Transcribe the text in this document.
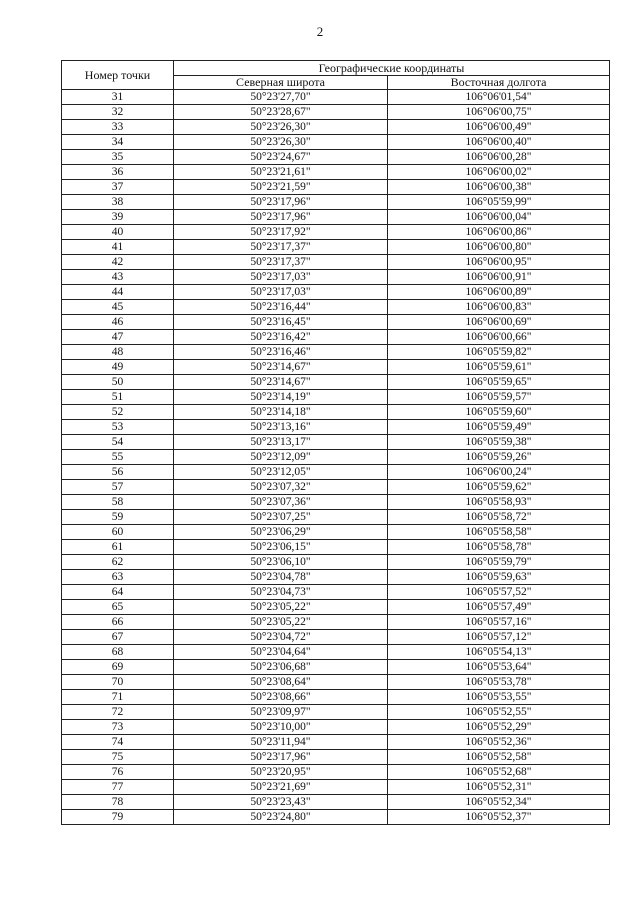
2
Номер точки	Географические координаты	
	Северная широта	Восточная долгота
31	50°23'27,70"	106°06'01,54"
32	50°23'28,67"	106°06'00,75"
33	50°23'26,30"	106°06'00,49"
34	50°23'26,30"	106°06'00,40"
35	50°23'24,67"	106°06'00,28"
36	50°23'21,61"	106°06'00,02"
37	50°23'21,59"	106°06'00,38"
38	50°23'17,96"	106°05'59,99"
39	50°23'17,96"	106°06'00,04"
40	50°23'17,92"	106°06'00,86"
41	50°23'17,37"	106°06'00,80"
42	50°23'17,37"	106°06'00,95"
43	50°23'17,03"	106°06'00,91"
44	50°23'17,03"	106°06'00,89"
45	50°23'16,44"	106°06'00,83"
46	50°23'16,45"	106°06'00,69"
47	50°23'16,42"	106°06'00,66"
48	50°23'16,46"	106°05'59,82"
49	50°23'14,67"	106°05'59,61"
50	50°23'14,67"	106°05'59,65"
51	50°23'14,19"	106°05'59,57"
52	50°23'14,18"	106°05'59,60"
53	50°23'13,16"	106°05'59,49"
54	50°23'13,17"	106°05'59,38"
55	50°23'12,09"	106°05'59,26"
56	50°23'12,05"	106°06'00,24"
57	50°23'07,32"	106°05'59,62"
58	50°23'07,36"	106°05'58,93"
59	50°23'07,25"	106°05'58,72"
60	50°23'06,29"	106°05'58,58"
61	50°23'06,15"	106°05'58,78"
62	50°23'06,10"	106°05'59,79"
63	50°23'04,78"	106°05'59,63"
64	50°23'04,73"	106°05'57,52"
65	50°23'05,22"	106°05'57,49"
66	50°23'05,22"	106°05'57,16"
67	50°23'04,72"	106°05'57,12"
68	50°23'04,64"	106°05'54,13"
69	50°23'06,68"	106°05'53,64"
70	50°23'08,64"	106°05'53,78"
71	50°23'08,66"	106°05'53,55"
72	50°23'09,97"	106°05'52,55"
73	50°23'10,00"	106°05'52,29"
74	50°23'11,94"	106°05'52,36"
75	50°23'17,96"	106°05'52,58"
76	50°23'20,95"	106°05'52,68"
77	50°23'21,69"	106°05'52,31"
78	50°23'23,43"	106°05'52,34"
79	50°23'24,80"	106°05'52,37"
